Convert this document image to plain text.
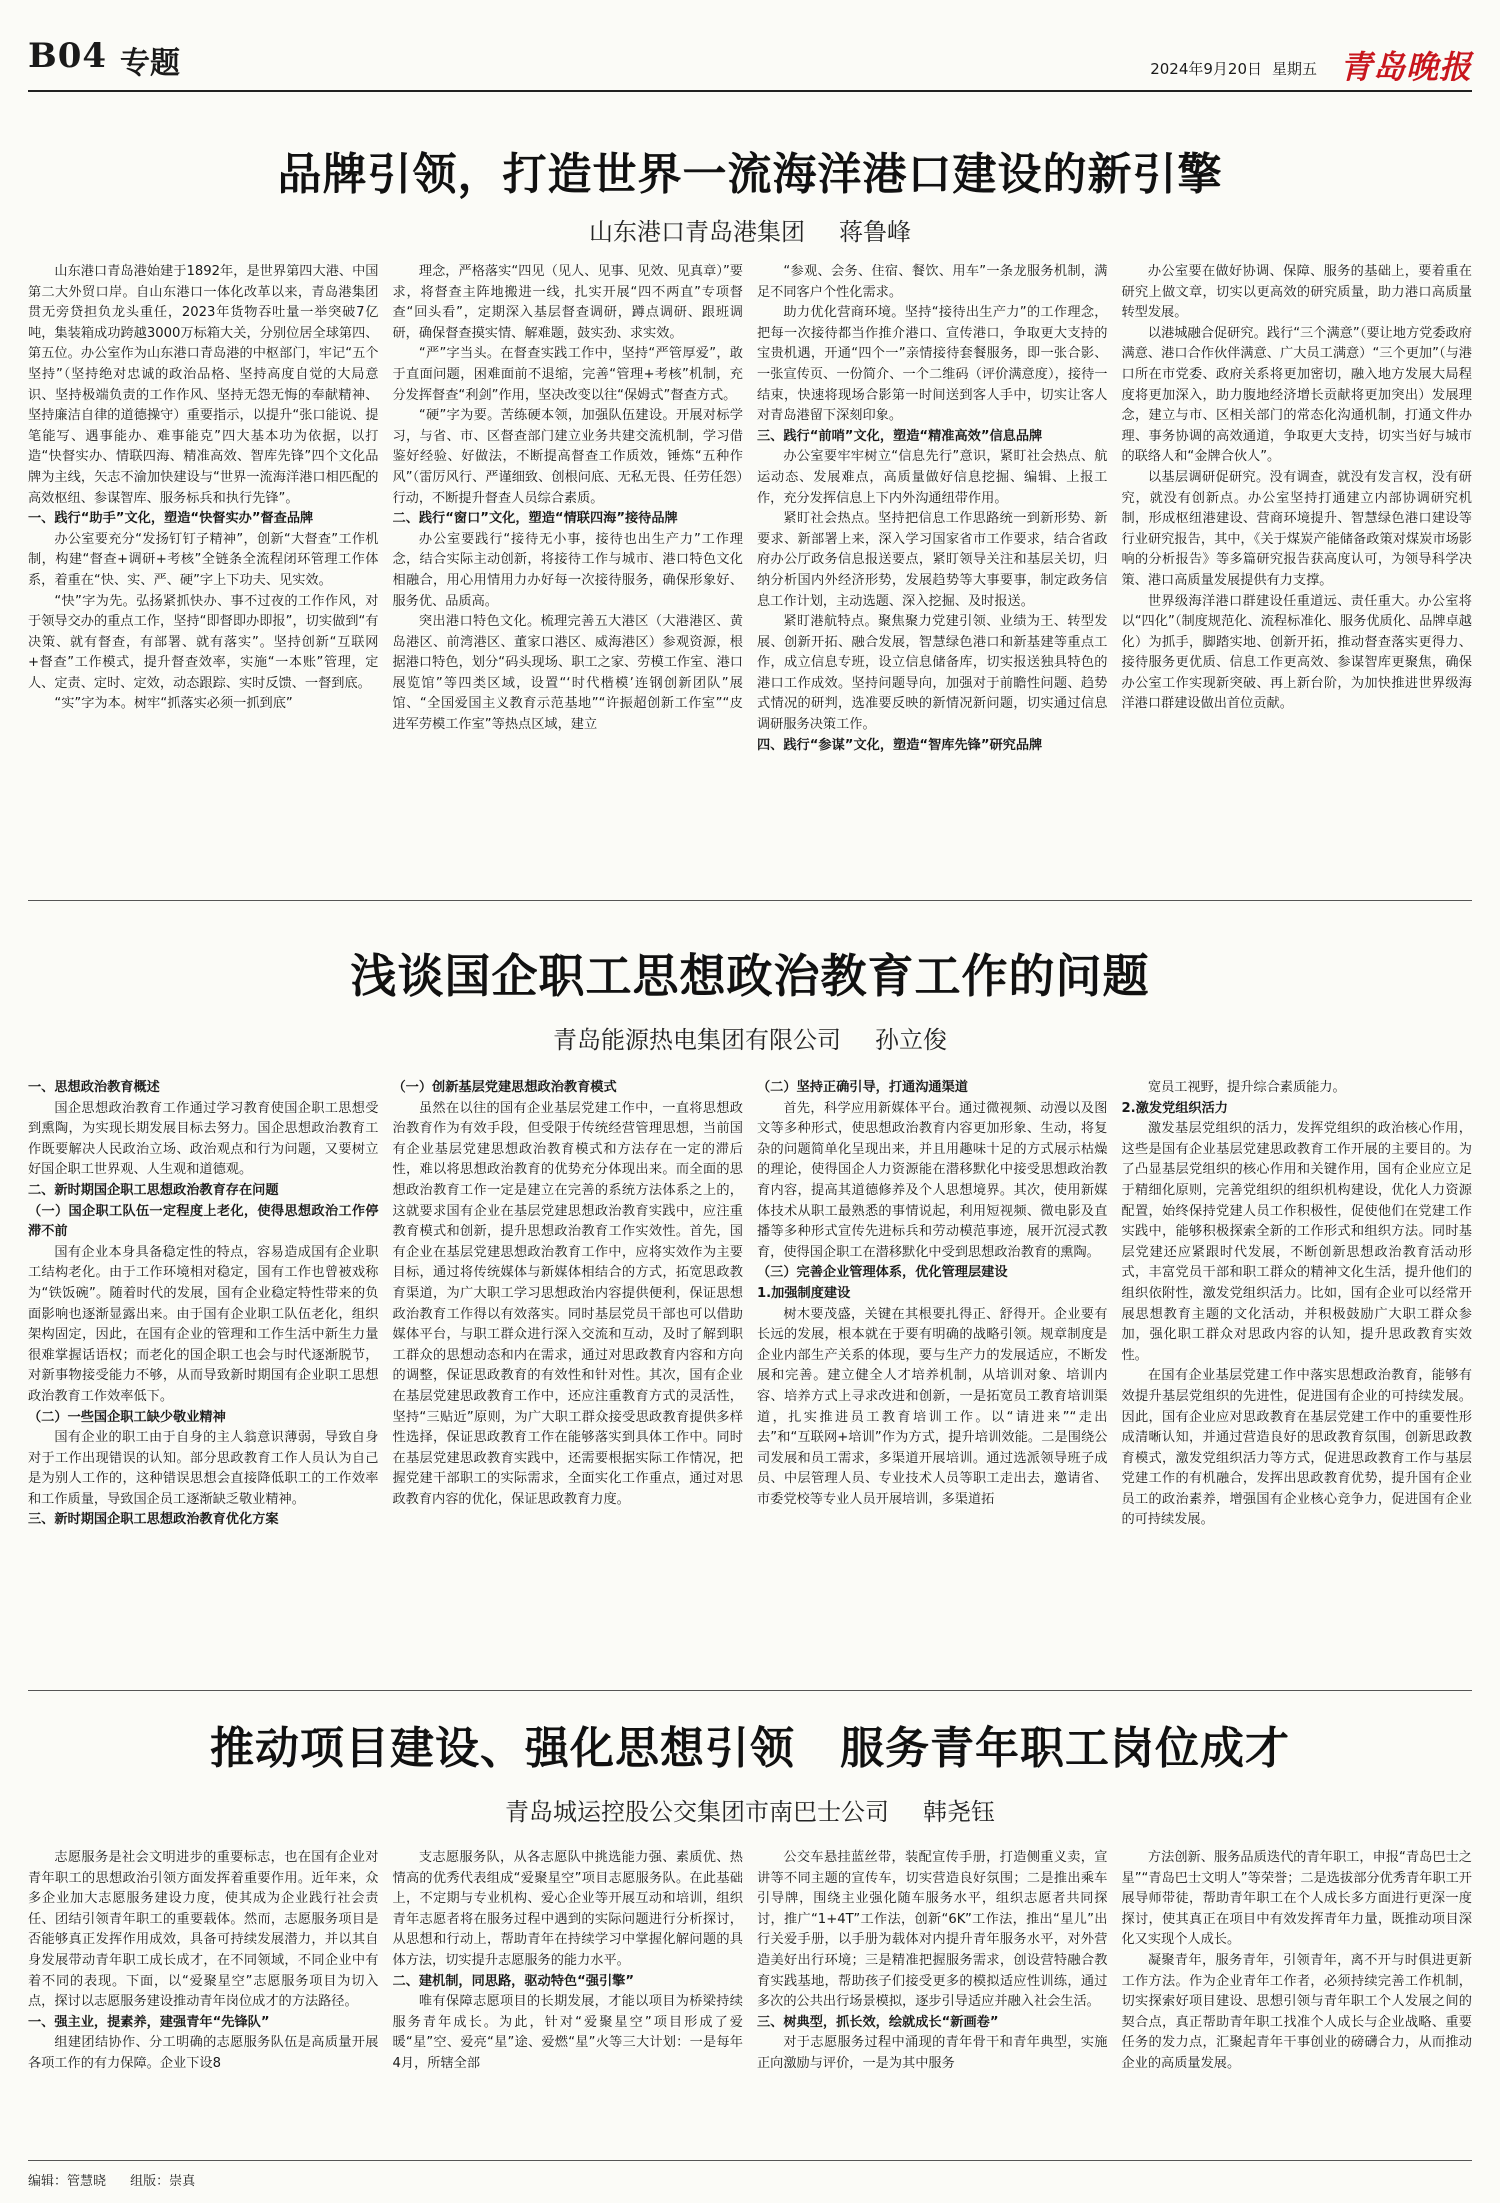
B04 专题	2024年9月20日 星期五 青岛晚报
品牌引领，打造世界一流海洋港口建设的新引擎
山东港口青岛港集团 蒋鲁峰

山东港口青岛港始建于1892年，是世界第四大港、中国第二大外贸口岸。自山东港口一体化改革以来，青岛港集团贯无旁贷担负龙头重任，2023年货物吞吐量一举突破7亿吨，集装箱成功跨越3000万标箱大关，分别位居全球第四、第五位。办公室作为山东港口青岛港的中枢部门，牢记“五个坚持”（坚持绝对忠诚的政治品格、坚持高度自觉的大局意识、坚持极端负责的工作作风、坚持无怨无悔的奉献精神、坚持廉洁自律的道德操守）重要指示，以提升“张口能说、提笔能写、遇事能办、难事能克”四大基本功为依据，以打造“快督实办、情联四海、精准高效、智库先锋”四个文化品牌为主线，矢志不渝加快建设与“世界一流海洋港口相匹配的高效枢纽、参谋智库、服务标兵和执行先锋”。

一、践行“助手”文化，塑造“快督实办”督查品牌

办公室要充分“发扬钉钉子精神”，创新“大督查”工作机制，构建“督查+调研+考核”全链条全流程闭环管理工作体系，着重在“快、实、严、硬”字上下功夫、见实效。

“快”字为先。弘扬紧抓快办、事不过夜的工作作风，对于领导交办的重点工作，坚持“即督即办即报”，切实做到“有决策、就有督查，有部署、就有落实”。坚持创新“互联网+督查”工作模式，提升督查效率，实施“一本账”管理，定人、定责、定时、定效，动态跟踪、实时反馈、一督到底。

“实”字为本。树牢“抓落实必须一抓到底”

理念，严格落实“四见（见人、见事、见效、见真章）”要求，将督查主阵地搬进一线，扎实开展“四不两直”专项督查“回头看”，定期深入基层督查调研，蹲点调研、跟班调研，确保督查摸实情、解难题，鼓实劲、求实效。

“严”字当头。在督查实践工作中，坚持“严管厚爱”，敢于直面问题，困难面前不退缩，完善“管理+考核”机制，充分发挥督查“利剑”作用，坚决改变以往“保姆式”督查方式。

“硬”字为要。苦练硬本领，加强队伍建设。开展对标学习，与省、市、区督查部门建立业务共建交流机制，学习借鉴好经验、好做法，不断提高督查工作质效，锤炼“五种作风”（雷厉风行、严谨细致、创根问底、无私无畏、任劳任怨）行动，不断提升督查人员综合素质。

二、践行“窗口”文化，塑造“情联四海”接待品牌

办公室要践行“接待无小事，接待也出生产力”工作理念，结合实际主动创新，将接待工作与城市、港口特色文化相融合，用心用情用力办好每一次接待服务，确保形象好、服务优、品质高。

突出港口特色文化。梳理完善五大港区（大港港区、黄岛港区、前湾港区、董家口港区、威海港区）参观资源，根据港口特色，划分“码头现场、职工之家、劳模工作室、港口展览馆”等四类区域，设置“‘时代楷模’连钢创新团队”展馆、“全国爱国主义教育示范基地”“许振超创新工作室”“皮进军劳模工作室”等热点区域，建立

“参观、会务、住宿、餐饮、用车”一条龙服务机制，满足不同客户个性化需求。

助力优化营商环境。坚持“接待出生产力”的工作理念，把每一次接待都当作推介港口、宣传港口，争取更大支持的宝贵机遇，开通“四个一”亲情接待套餐服务，即一张合影、一张宣传页、一份简介、一个二维码（评价满意度），接待一结束，快速将现场合影第一时间送到客人手中，切实让客人对青岛港留下深刻印象。

三、践行“前哨”文化，塑造“精准高效”信息品牌

办公室要牢牢树立“信息先行”意识，紧盯社会热点、航运动态、发展难点，高质量做好信息挖掘、编辑、上报工作，充分发挥信息上下内外沟通纽带作用。

紧盯社会热点。坚持把信息工作思路统一到新形势、新要求、新部署上来，深入学习国家省市工作要求，结合省政府办公厅政务信息报送要点，紧盯领导关注和基层关切，归纳分析国内外经济形势，发展趋势等大事要事，制定政务信息工作计划，主动选题、深入挖掘、及时报送。

紧盯港航特点。聚焦聚力党建引领、业绩为王、转型发展、创新开拓、融合发展，智慧绿色港口和新基建等重点工作，成立信息专班，设立信息储备库，切实报送独具特色的港口工作成效。坚持问题导向，加强对于前瞻性问题、趋势式情况的研判，选准要反映的新情况新问题，切实通过信息调研服务决策工作。

四、践行“参谋”文化，塑造“智库先锋”研究品牌

办公室要在做好协调、保障、服务的基础上，要着重在研究上做文章，切实以更高效的研究质量，助力港口高质量转型发展。

以港城融合促研究。践行“三个满意”（要让地方党委政府满意、港口合作伙伴满意、广大员工满意）“三个更加”（与港口所在市党委、政府关系将更加密切，融入地方发展大局程度将更加深入，助力腹地经济增长贡献将更加突出）发展理念，建立与市、区相关部门的常态化沟通机制，打通文件办理、事务协调的高效通道，争取更大支持，切实当好与城市的联络人和“金牌合伙人”。

以基层调研促研究。没有调查，就没有发言权，没有研究，就没有创新点。办公室坚持打通建立内部协调研究机制，形成枢纽港建设、营商环境提升、智慧绿色港口建设等行业研究报告，其中，《关于煤炭产能储备政策对煤炭市场影响的分析报告》等多篇研究报告获高度认可，为领导科学决策、港口高质量发展提供有力支撑。

世界级海洋港口群建设任重道远、责任重大。办公室将以“四化”（制度规范化、流程标准化、服务优质化、品牌卓越化）为抓手，脚踏实地、创新开拓，推动督查落实更得力、接待服务更优质、信息工作更高效、参谋智库更聚焦，确保办公室工作实现新突破、再上新台阶，为加快推进世界级海洋港口群建设做出首位贡献。

浅谈国企职工思想政治教育工作的问题
青岛能源热电集团有限公司 孙立俊
一、思想政治教育概述

国企思想政治教育工作通过学习教育使国企职工思想受到熏陶，为实现长期发展目标去努力。国企思想政治教育工作既要解决人民政治立场、政治观点和行为问题，又要树立好国企职工世界观、人生观和道德观。

二、新时期国企职工思想政治教育存在问题
（一）国企职工队伍一定程度上老化，使得思想政治工作停滞不前

国有企业本身具备稳定性的特点，容易造成国有企业职工结构老化。由于工作环境相对稳定，国有工作也曾被戏称为“铁饭碗”。随着时代的发展，国有企业稳定特性带来的负面影响也逐渐显露出来。由于国有企业职工队伍老化，组织架构固定，因此，在国有企业的管理和工作生活中新生力量很难掌握话语权；而老化的国企职工也会与时代逐渐脱节，对新事物接受能力不够，从而导致新时期国有企业职工思想政治教育工作效率低下。

（二）一些国企职工缺少敬业精神

国有企业的职工由于自身的主人翁意识薄弱，导致自身对于工作出现错误的认知。部分思政教育工作人员认为自己是为别人工作的，这种错误思想会直接降低职工的工作效率和工作质量，导致国企员工逐渐缺乏敬业精神。

三、新时期国企职工思想政治教育优化方案
（一）创新基层党建思想政治教育模式

虽然在以往的国有企业基层党建工作中，一直将思想政治教育作为有效手段，但受限于传统经营管理思想，当前国有企业基层党建思想政治教育模式和方法存在一定的滞后性，难以将思想政治教育的优势充分体现出来。而全面的思想政治教育工作一定是建立在完善的系统方法体系之上的，这就要求国有企业在基层党建思想政治教育实践中，应注重教育模式和创新，提升思想政治教育工作实效性。首先，国有企业在基层党建思想政治教育工作中，应将实效作为主要目标，通过将传统媒体与新媒体相结合的方式，拓宽思政教育渠道，为广大职工学习思想政治内容提供便利，保证思想政治教育工作得以有效落实。同时基层党员干部也可以借助媒体平台，与职工群众进行深入交流和互动，及时了解到职工群众的思想动态和内在需求，通过对思政教育内容和方向的调整，保证思政教育的有效性和针对性。其次，国有企业在基层党建思政教育工作中，还应注重教育方式的灵活性，坚持“三贴近”原则，为广大职工群众接受思政教育提供多样性选择，保证思政教育工作在能够落实到具体工作中。同时在基层党建思政教育实践中，还需要根据实际工作情况，把握党建干部职工的实际需求，全面实化工作重点，通过对思政教育内容的优化，保证思政教育力度。

（二）坚持正确引导，打通沟通渠道

首先，科学应用新媒体平台。通过微视频、动漫以及图文等多种形式，使思想政治教育内容更加形象、生动，将复杂的问题简单化呈现出来，并且用趣味十足的方式展示枯燥的理论，使得国企人力资源能在潜移默化中接受思想政治教育内容，提高其道德修养及个人思想境界。其次，使用新媒体技术从职工最熟悉的事情说起，利用短视频、微电影及直播等多种形式宣传先进标兵和劳动模范事迹，展开沉浸式教育，使得国企职工在潜移默化中受到思想政治教育的熏陶。

（三）完善企业管理体系，优化管理层建设
1.加强制度建设

树木要茂盛，关键在其根要扎得正、舒得开。企业要有长远的发展，根本就在于要有明确的战略引领。规章制度是企业内部生产关系的体现，要与生产力的发展适应，不断发展和完善。建立健全人才培养机制，从培训对象、培训内容、培养方式上寻求改进和创新，一是拓宽员工教育培训渠道，扎实推进员工教育培训工作。以“请进来”“走出去”和“互联网+培训”作为方式，提升培训效能。二是围绕公司发展和员工需求，多渠道开展培训。通过选派领导班子成员、中层管理人员、专业技术人员等职工走出去，邀请省、市委党校等专业人员开展培训，多渠道拓

宽员工视野，提升综合素质能力。

2.激发党组织活力

激发基层党组织的活力，发挥党组织的政治核心作用，这些是国有企业基层党建思政教育工作开展的主要目的。为了凸显基层党组织的核心作用和关键作用，国有企业应立足于精细化原则，完善党组织的组织机构建设，优化人力资源配置，始终保持党建人员工作积极性，促使他们在党建工作实践中，能够积极探索全新的工作形式和组织方法。同时基层党建还应紧跟时代发展，不断创新思想政治教育活动形式，丰富党员干部和职工群众的精神文化生活，提升他们的组织依附性，激发党组织活力。比如，国有企业可以经常开展思想教育主题的文化活动，并积极鼓励广大职工群众参加，强化职工群众对思政内容的认知，提升思政教育实效性。

在国有企业基层党建工作中落实思想政治教育，能够有效提升基层党组织的先进性，促进国有企业的可持续发展。因此，国有企业应对思政教育在基层党建工作中的重要性形成清晰认知，并通过营造良好的思政教育氛围，创新思政教育模式，激发党组织活力等方式，促进思政教育工作与基层党建工作的有机融合，发挥出思政教育优势，提升国有企业员工的政治素养，增强国有企业核心竞争力，促进国有企业的可持续发展。

推动项目建设、强化思想引领　服务青年职工岗位成才
青岛城运控股公交集团市南巴士公司 韩尧钰

志愿服务是社会文明进步的重要标志，也在国有企业对青年职工的思想政治引领方面发挥着重要作用。近年来，众多企业加大志愿服务建设力度，使其成为企业践行社会责任、团结引领青年职工的重要载体。然而，志愿服务项目是否能够真正发挥作用成效，具备可持续发展潜力，并以其自身发展带动青年职工成长成才，在不同领域，不同企业中有着不同的表现。下面，以“爱聚星空”志愿服务项目为切入点，探讨以志愿服务建设推动青年岗位成才的方法路径。

一、强主业，提素养，建强青年“先锋队”

组建团结协作、分工明确的志愿服务队伍是高质量开展各项工作的有力保障。企业下设8

支志愿服务队，从各志愿队中挑选能力强、素质优、热情高的优秀代表组成“爱聚星空”项目志愿服务队。在此基础上，不定期与专业机构、爱心企业等开展互动和培训，组织青年志愿者将在服务过程中遇到的实际问题进行分析探讨，从思想和行动上，帮助青年在持续学习中掌握化解问题的具体方法，切实提升志愿服务的能力水平。

二、建机制，同思路，驱动特色“强引擎”

唯有保障志愿项目的长期发展，才能以项目为桥梁持续服务青年成长。为此，针对“爱聚星空”项目形成了爱暖“星”空、爱亮“星”途、爱燃“星”火等三大计划：一是每年4月，所辖全部

公交车悬挂蓝丝带，装配宣传手册，打造侧重义卖，宣讲等不同主题的宣传车，切实营造良好氛围；二是推出乘车引导牌，围绕主业强化随车服务水平，组织志愿者共同探讨，推广“1+4T”工作法，创新“6K”工作法，推出“星儿”出行关爱手册，以手册为载体对内提升青年服务水平，对外营造美好出行环境；三是精准把握服务需求，创设营特融合教育实践基地，帮助孩子们接受更多的模拟适应性训练，通过多次的公共出行场景模拟，逐步引导适应并融入社会生活。

三、树典型，抓长效，绘就成长“新画卷”

对于志愿服务过程中涌现的青年骨干和青年典型，实施正向激励与评价，一是为其中服务

方法创新、服务品质迭代的青年职工，申报“青岛巴士之星”“青岛巴士文明人”等荣誉；二是选拔部分优秀青年职工开展导师带徒，帮助青年职工在个人成长多方面进行更深一度探讨，使其真正在项目中有效发挥青年力量，既推动项目深化又实现个人成长。

凝聚青年，服务青年，引领青年，离不开与时俱进更新工作方法。作为企业青年工作者，必须持续完善工作机制，切实探索好项目建设、思想引领与青年职工个人发展之间的契合点，真正帮助青年职工找准个人成长与企业战略、重要任务的发力点，汇聚起青年干事创业的磅礴合力，从而推动企业的高质量发展。

编辑：管慧晓 组版：崇真
